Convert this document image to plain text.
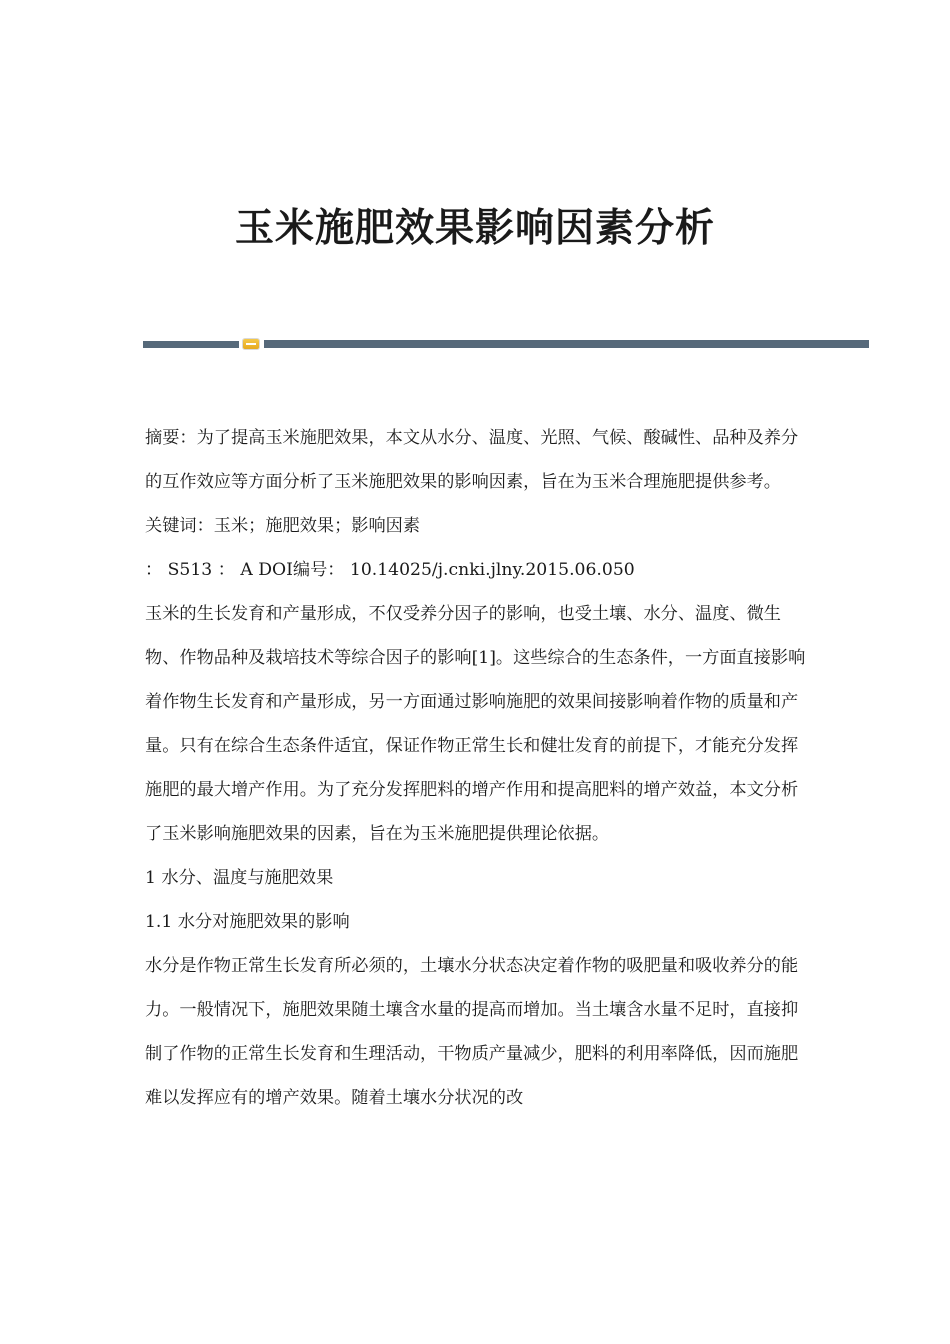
玉米施肥效果影响因素分析

摘要：为了提高玉米施肥效果，本文从水分、温度、光照、气候、酸碱性、品种及养分的互作效应等方面分析了玉米施肥效果的影响因素，旨在为玉米合理施肥提供参考。

关键词：玉米；施肥效果；影响因素

： S513 ： A DOI编号： 10.14025/j.cnki.jlny.2015.06.050

玉米的生长发育和产量形成，不仅受养分因子的影响，也受土壤、水分、温度、微生物、作物品种及栽培技术等综合因子的影响[1]。这些综合的生态条件，一方面直接影响着作物生长发育和产量形成，另一方面通过影响施肥的效果间接影响着作物的质量和产量。只有在综合生态条件适宜，保证作物正常生长和健壮发育的前提下，才能充分发挥施肥的最大增产作用。为了充分发挥肥料的增产作用和提高肥料的增产效益，本文分析了玉米影响施肥效果的因素，旨在为玉米施肥提供理论依据。

1 水分、温度与施肥效果

1.1 水分对施肥效果的影响

水分是作物正常生长发育所必须的，土壤水分状态决定着作物的吸肥量和吸收养分的能力。一般情况下，施肥效果随土壤含水量的提高而增加。当土壤含水量不足时，直接抑制了作物的正常生长发育和生理活动，干物质产量减少，肥料的利用率降低，因而施肥难以发挥应有的增产效果。随着土壤水分状况的改
